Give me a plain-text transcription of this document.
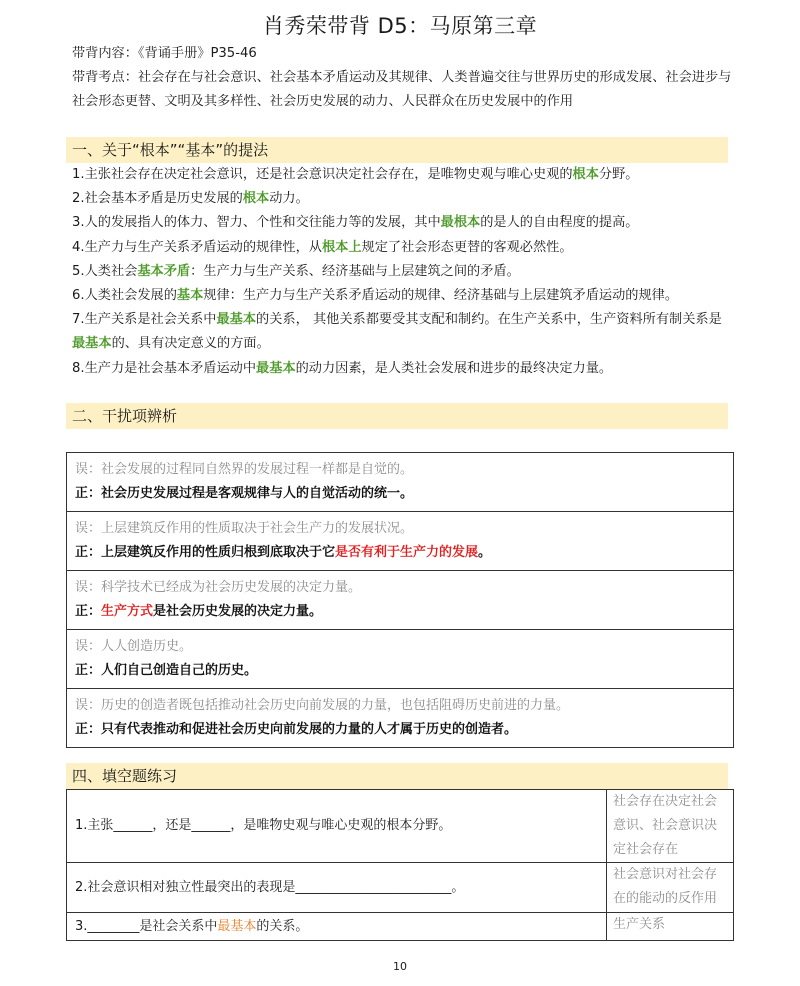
肖秀荣带背 D5：马原第三章
带背内容：《背诵手册》P35-46
带背考点：社会存在与社会意识、社会基本矛盾运动及其规律、人类普遍交往与世界历史的形成发展、社会进步与社会形态更替、文明及其多样性、社会历史发展的动力、人民群众在历史发展中的作用
一、关于“根本”“基本”的提法

1.主张社会存在决定社会意识，还是社会意识决定社会存在，是唯物史观与唯心史观的根本分野。

2.社会基本矛盾是历史发展的根本动力。

3.人的发展指人的体力、智力、个性和交往能力等的发展，其中最根本的是人的自由程度的提高。

4.生产力与生产关系矛盾运动的规律性，从根本上规定了社会形态更替的客观必然性。

5.人类社会基本矛盾：生产力与生产关系、经济基础与上层建筑之间的矛盾。

6.人类社会发展的基本规律：生产力与生产关系矛盾运动的规律、经济基础与上层建筑矛盾运动的规律。

7.生产关系是社会关系中最基本的关系， 其他关系都要受其支配和制约。在生产关系中，生产资料所有制关系是最基本的、具有决定意义的方面。

8.生产力是社会基本矛盾运动中最基本的动力因素，是人类社会发展和进步的最终决定力量。

二、干扰项辨析
误：社会发展的过程同自然界的发展过程一样都是自觉的。
正：社会历史发展过程是客观规律与人的自觉活动的统一。

误：上层建筑反作用的性质取决于社会生产力的发展状况。
正：上层建筑反作用的性质归根到底取决于它是否有利于生产力的发展。

误：科学技术已经成为社会历史发展的决定力量。
正：生产方式是社会历史发展的决定力量。

误：人人创造历史。
正：人们自己创造自己的历史。

误：历史的创造者既包括推动社会历史向前发展的力量，也包括阻碍历史前进的力量。
正：只有代表推动和促进社会历史向前发展的力量的人才属于历史的创造者。
四、填空题练习
1.主张______，还是______，是唯物史观与唯心史观的根本分野。	社会存在决定社会意识、社会意识决定社会存在
2.社会意识相对独立性最突出的表现是________________________。	社会意识对社会存在的能动的反作用
3.________是社会关系中最基本的关系。	生产关系
10
